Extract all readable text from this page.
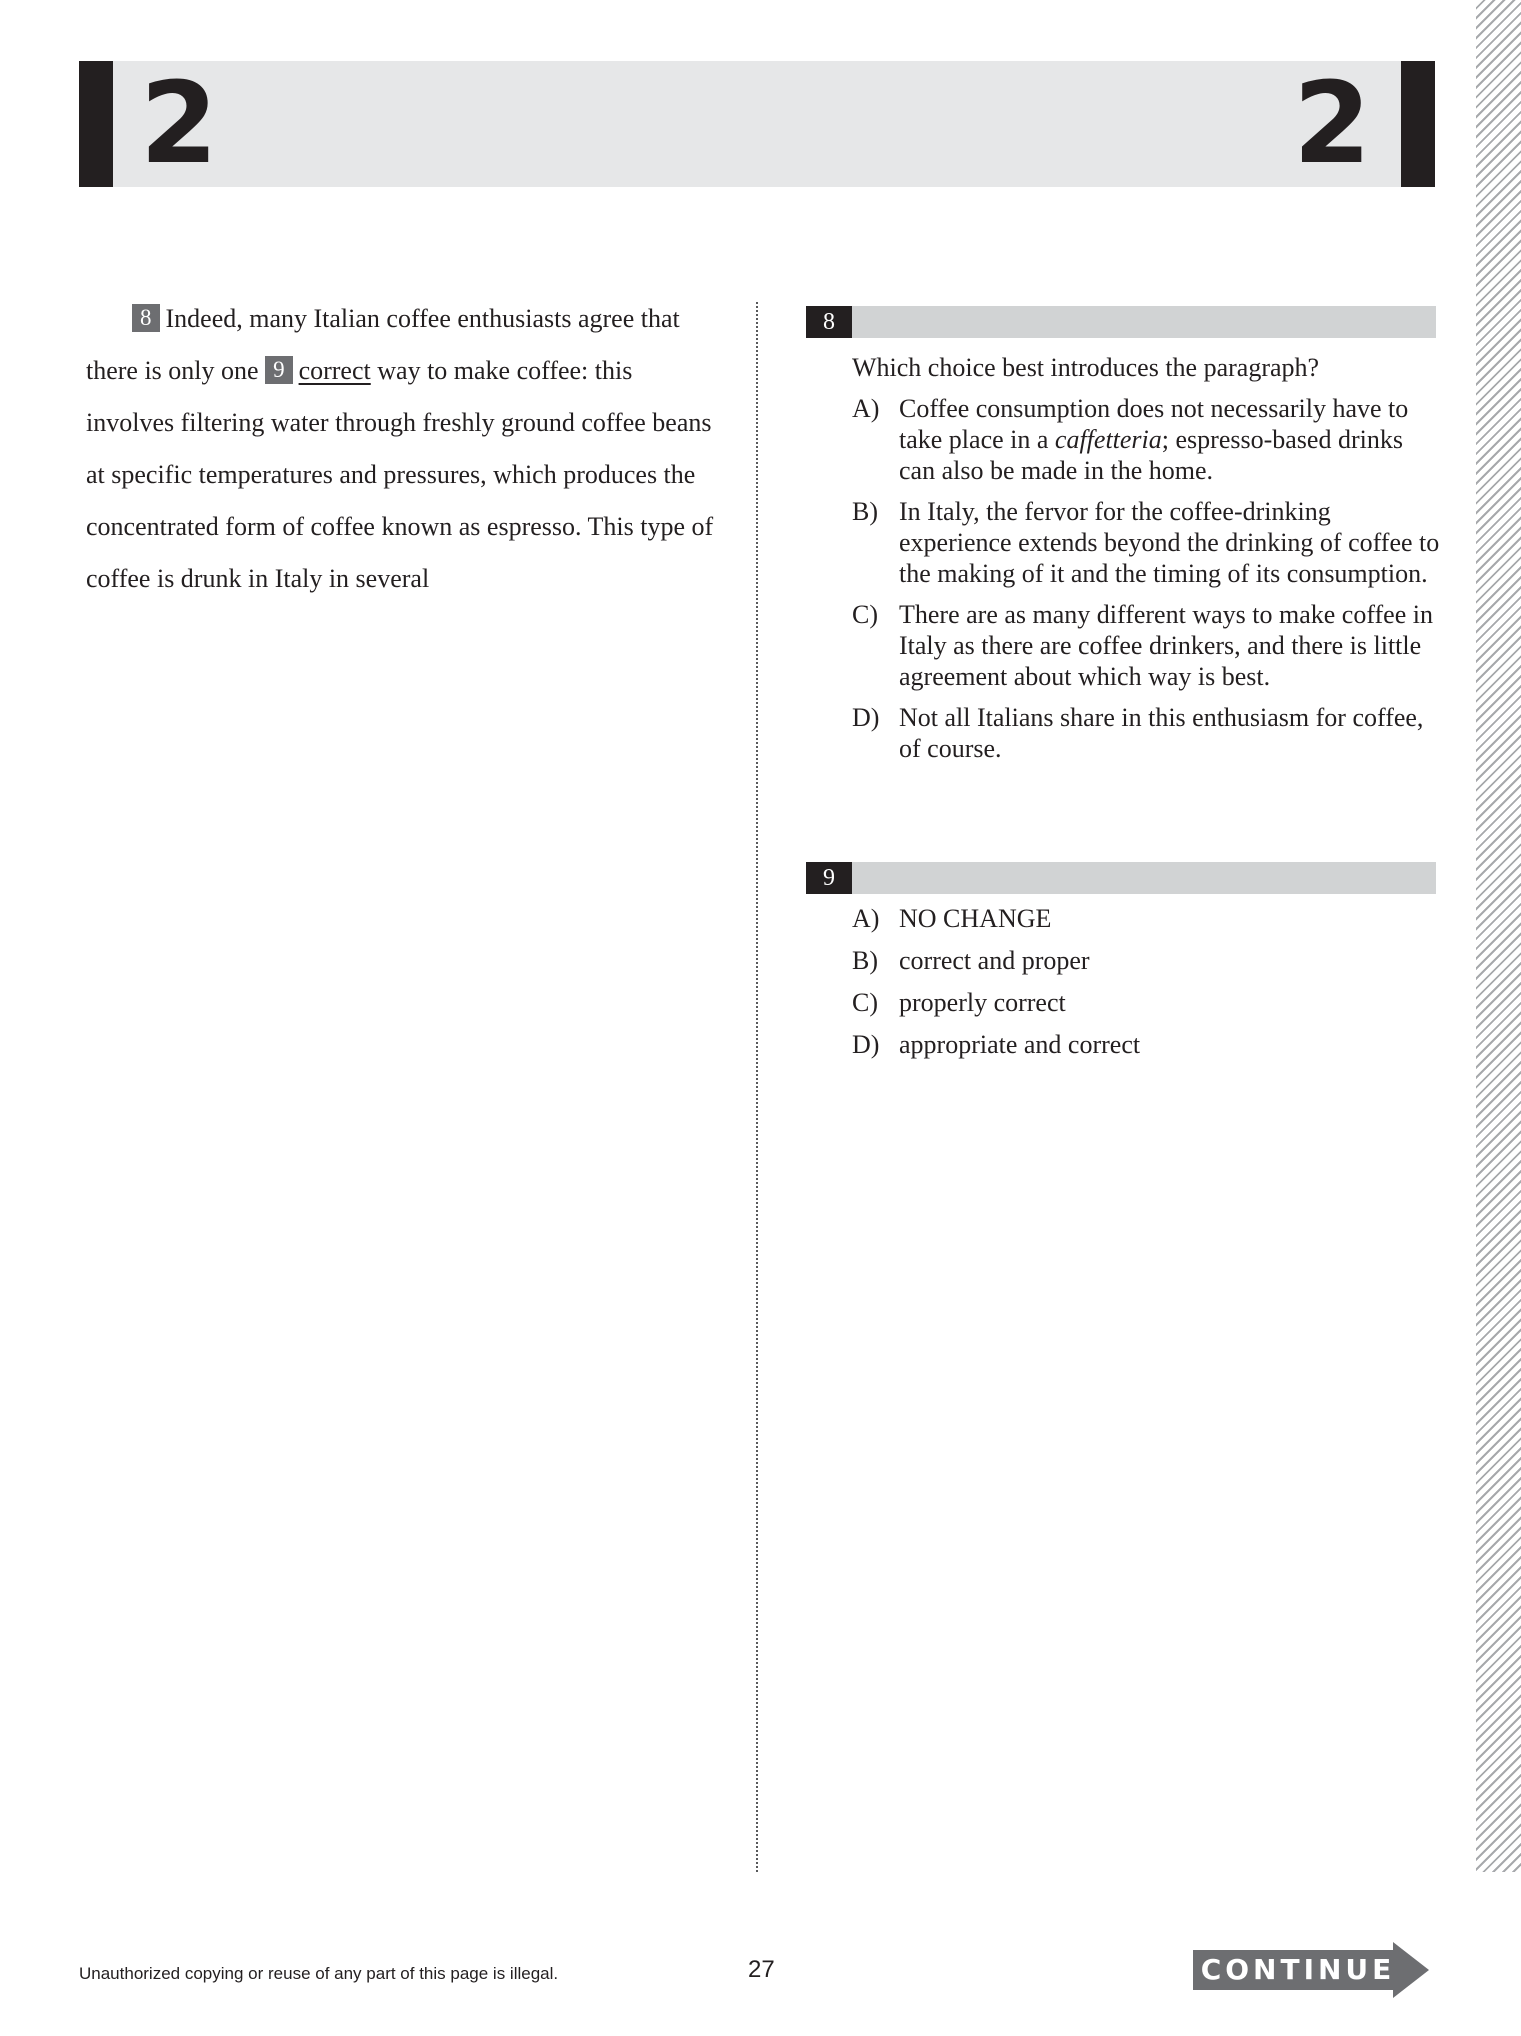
2	2

8 Indeed, many Italian coffee enthusiasts agree that there is only one 9 correct way to make coffee: this involves filtering water through freshly ground coffee beans at specific temperatures and pressures, which produces the concentrated form of coffee known as espresso. This type of coffee is drunk in Italy in several

8

Which choice best introduces the paragraph?

A) Coffee consumption does not necessarily have to take place in a caffetteria; espresso-based drinks can also be made in the home.
B) In Italy, the fervor for the coffee-drinking experience extends beyond the drinking of coffee to the making of it and the timing of its consumption.
C) There are as many different ways to make coffee in Italy as there are coffee drinkers, and there is little agreement about which way is best.
D) Not all Italians share in this enthusiasm for coffee, of course.
9
A) NO CHANGE
B) correct and proper
C) properly correct
D) appropriate and correct
Unauthorized copying or reuse of any part of this page is illegal.	27	CONTINUE
